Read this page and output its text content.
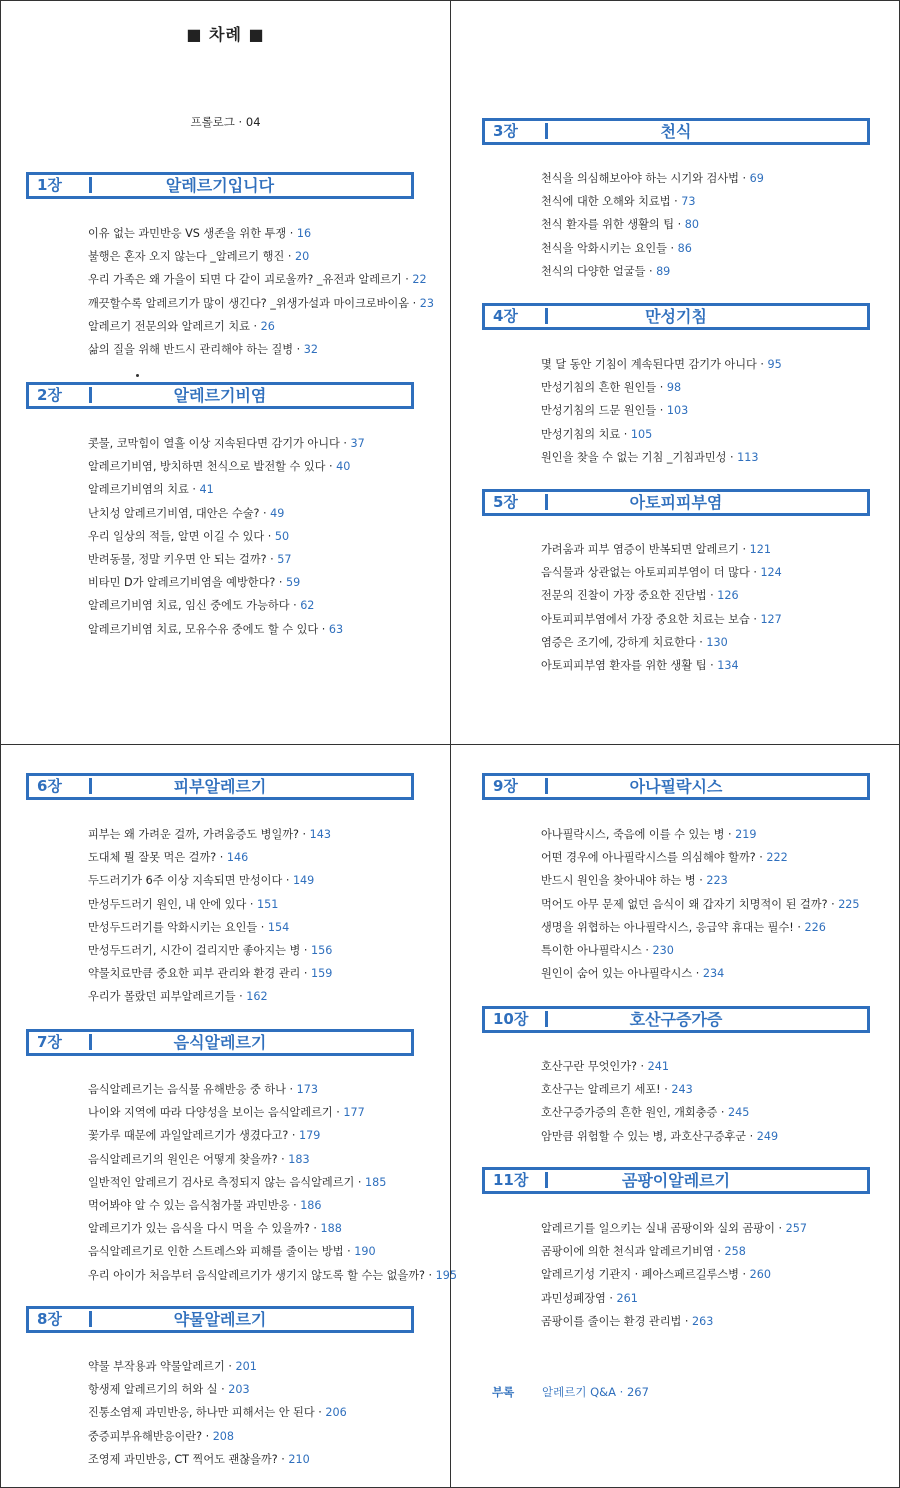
■ 차례 ■
프롤로그 · 04
1장	알레르기입니다
이유 없는 과민반응 VS 생존을 위한 투쟁 · 16
불행은 혼자 오지 않는다 _알레르기 행진 · 20
우리 가족은 왜 가을이 되면 다 같이 괴로울까? _유전과 알레르기 · 22
깨끗할수록 알레르기가 많이 생긴다? _위생가설과 마이크로바이옴 · 23
알레르기 전문의와 알레르기 치료 · 26
삶의 질을 위해 반드시 관리해야 하는 질병 · 32
2장	알레르기비염
콧물, 코막힘이 열흘 이상 지속된다면 감기가 아니다 · 37
알레르기비염, 방치하면 천식으로 발전할 수 있다 · 40
알레르기비염의 치료 · 41
난치성 알레르기비염, 대안은 수술? · 49
우리 일상의 적들, 알면 이길 수 있다 · 50
반려동물, 정말 키우면 안 되는 걸까? · 57
비타민 D가 알레르기비염을 예방한다? · 59
알레르기비염 치료, 임신 중에도 가능하다 · 62
알레르기비염 치료, 모유수유 중에도 할 수 있다 · 63
3장	천식
천식을 의심해보아야 하는 시기와 검사법 · 69
천식에 대한 오해와 치료법 · 73
천식 환자를 위한 생활의 팁 · 80
천식을 악화시키는 요인들 · 86
천식의 다양한 얼굴들 · 89
4장	만성기침
몇 달 동안 기침이 계속된다면 감기가 아니다 · 95
만성기침의 흔한 원인들 · 98
만성기침의 드문 원인들 · 103
만성기침의 치료 · 105
원인을 찾을 수 없는 기침 _기침과민성 · 113
5장	아토피피부염
가려움과 피부 염증이 반복되면 알레르기 · 121
음식물과 상관없는 아토피피부염이 더 많다 · 124
전문의 진찰이 가장 중요한 진단법 · 126
아토피피부염에서 가장 중요한 치료는 보습 · 127
염증은 조기에, 강하게 치료한다 · 130
아토피피부염 환자를 위한 생활 팁 · 134
6장	피부알레르기
피부는 왜 가려운 걸까, 가려움증도 병일까? · 143
도대체 뭘 잘못 먹은 걸까? · 146
두드러기가 6주 이상 지속되면 만성이다 · 149
만성두드러기 원인, 내 안에 있다 · 151
만성두드러기를 악화시키는 요인들 · 154
만성두드러기, 시간이 걸리지만 좋아지는 병 · 156
약물치료만큼 중요한 피부 관리와 환경 관리 · 159
우리가 몰랐던 피부알레르기들 · 162
7장	음식알레르기
음식알레르기는 음식물 유해반응 중 하나 · 173
나이와 지역에 따라 다양성을 보이는 음식알레르기 · 177
꽃가루 때문에 과일알레르기가 생겼다고? · 179
음식알레르기의 원인은 어떻게 찾을까? · 183
일반적인 알레르기 검사로 측정되지 않는 음식알레르기 · 185
먹어봐야 알 수 있는 음식첨가물 과민반응 · 186
알레르기가 있는 음식을 다시 먹을 수 있을까? · 188
음식알레르기로 인한 스트레스와 피해를 줄이는 방법 · 190
우리 아이가 처음부터 음식알레르기가 생기지 않도록 할 수는 없을까? · 195
8장	약물알레르기
약물 부작용과 약물알레르기 · 201
항생제 알레르기의 허와 실 · 203
진통소염제 과민반응, 하나만 피해서는 안 된다 · 206
중증피부유해반응이란? · 208
조영제 과민반응, CT 찍어도 괜찮을까? · 210
9장	아나필락시스
아나필락시스, 죽음에 이를 수 있는 병 · 219
어떤 경우에 아나필락시스를 의심해야 할까? · 222
반드시 원인을 찾아내야 하는 병 · 223
먹어도 아무 문제 없던 음식이 왜 갑자기 치명적이 된 걸까? · 225
생명을 위협하는 아나필락시스, 응급약 휴대는 필수! · 226
특이한 아나필락시스 · 230
원인이 숨어 있는 아나필락시스 · 234
10장	호산구증가증
호산구란 무엇인가? · 241
호산구는 알레르기 세포! · 243
호산구증가증의 흔한 원인, 개회충증 · 245
암만큼 위험할 수 있는 병, 과호산구증후군 · 249
11장	곰팡이알레르기
알레르기를 일으키는 실내 곰팡이와 실외 곰팡이 · 257
곰팡이에 의한 천식과 알레르기비염 · 258
알레르기성 기관지 · 폐아스페르길루스병 · 260
과민성폐장염 · 261
곰팡이를 줄이는 환경 관리법 · 263
부록 알레르기 Q&A · 267
